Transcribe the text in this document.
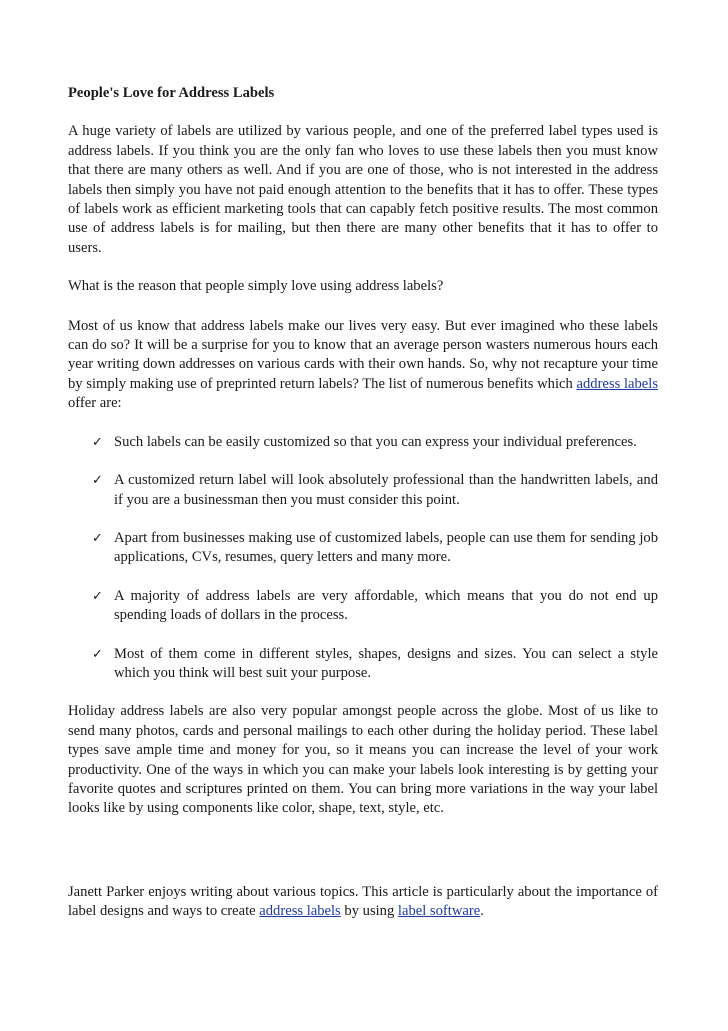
People's Love for Address Labels

A huge variety of labels are utilized by various people, and one of the preferred label types used is address labels. If you think you are the only fan who loves to use these labels then you must know that there are many others as well. And if you are one of those, who is not interested in the address labels then simply you have not paid enough attention to the benefits that it has to offer. These types of labels work as efficient marketing tools that can capably fetch positive results. The most common use of address labels is for mailing, but then there are many other benefits that it has to offer to users.

What is the reason that people simply love using address labels?

Most of us know that address labels make our lives very easy. But ever imagined who these labels can do so? It will be a surprise for you to know that an average person wasters numerous hours each year writing down addresses on various cards with their own hands. So, why not recapture your time by simply making use of preprinted return labels? The list of numerous benefits which address labels offer are:

✓ Such labels can be easily customized so that you can express your individual preferences.
✓ A customized return label will look absolutely professional than the handwritten labels, and if you are a businessman then you must consider this point.
✓ Apart from businesses making use of customized labels, people can use them for sending job applications, CVs, resumes, query letters and many more.
✓ A majority of address labels are very affordable, which means that you do not end up spending loads of dollars in the process.
✓ Most of them come in different styles, shapes, designs and sizes. You can select a style which you think will best suit your purpose.

Holiday address labels are also very popular amongst people across the globe. Most of us like to send many photos, cards and personal mailings to each other during the holiday period. These label types save ample time and money for you, so it means you can increase the level of your work productivity. One of the ways in which you can make your labels look interesting is by getting your favorite quotes and scriptures printed on them. You can bring more variations in the way your label looks like by using components like color, shape, text, style, etc.

Janett Parker enjoys writing about various topics. This article is particularly about the importance of label designs and ways to create address labels by using label software.
